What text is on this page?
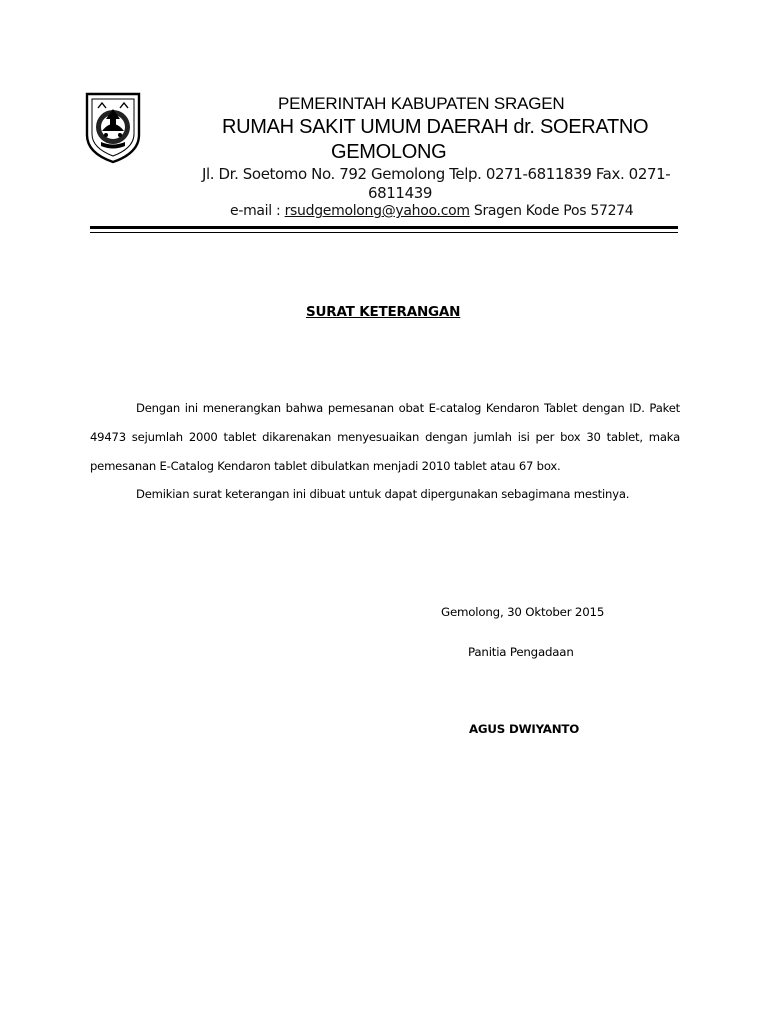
PEMERINTAH KABUPATEN SRAGEN
RUMAH SAKIT UMUM DAERAH dr. SOERATNO
GEMOLONG
Jl. Dr. Soetomo No. 792 Gemolong Telp. 0271-6811839 Fax. 0271-
6811439
e-mail : rsudgemolong@yahoo.com Sragen Kode Pos 57274
SURAT KETERANGAN
Dengan ini menerangkan bahwa pemesanan obat E-catalog Kendaron Tablet dengan ID. Paket 49473 sejumlah 2000 tablet dikarenakan menyesuaikan dengan jumlah isi per box 30 tablet, maka pemesanan E-Catalog Kendaron tablet dibulatkan menjadi 2010 tablet atau 67 box.
Demikian surat keterangan ini dibuat untuk dapat dipergunakan sebagimana mestinya.
Gemolong, 30 Oktober 2015
Panitia Pengadaan
AGUS DWIYANTO
